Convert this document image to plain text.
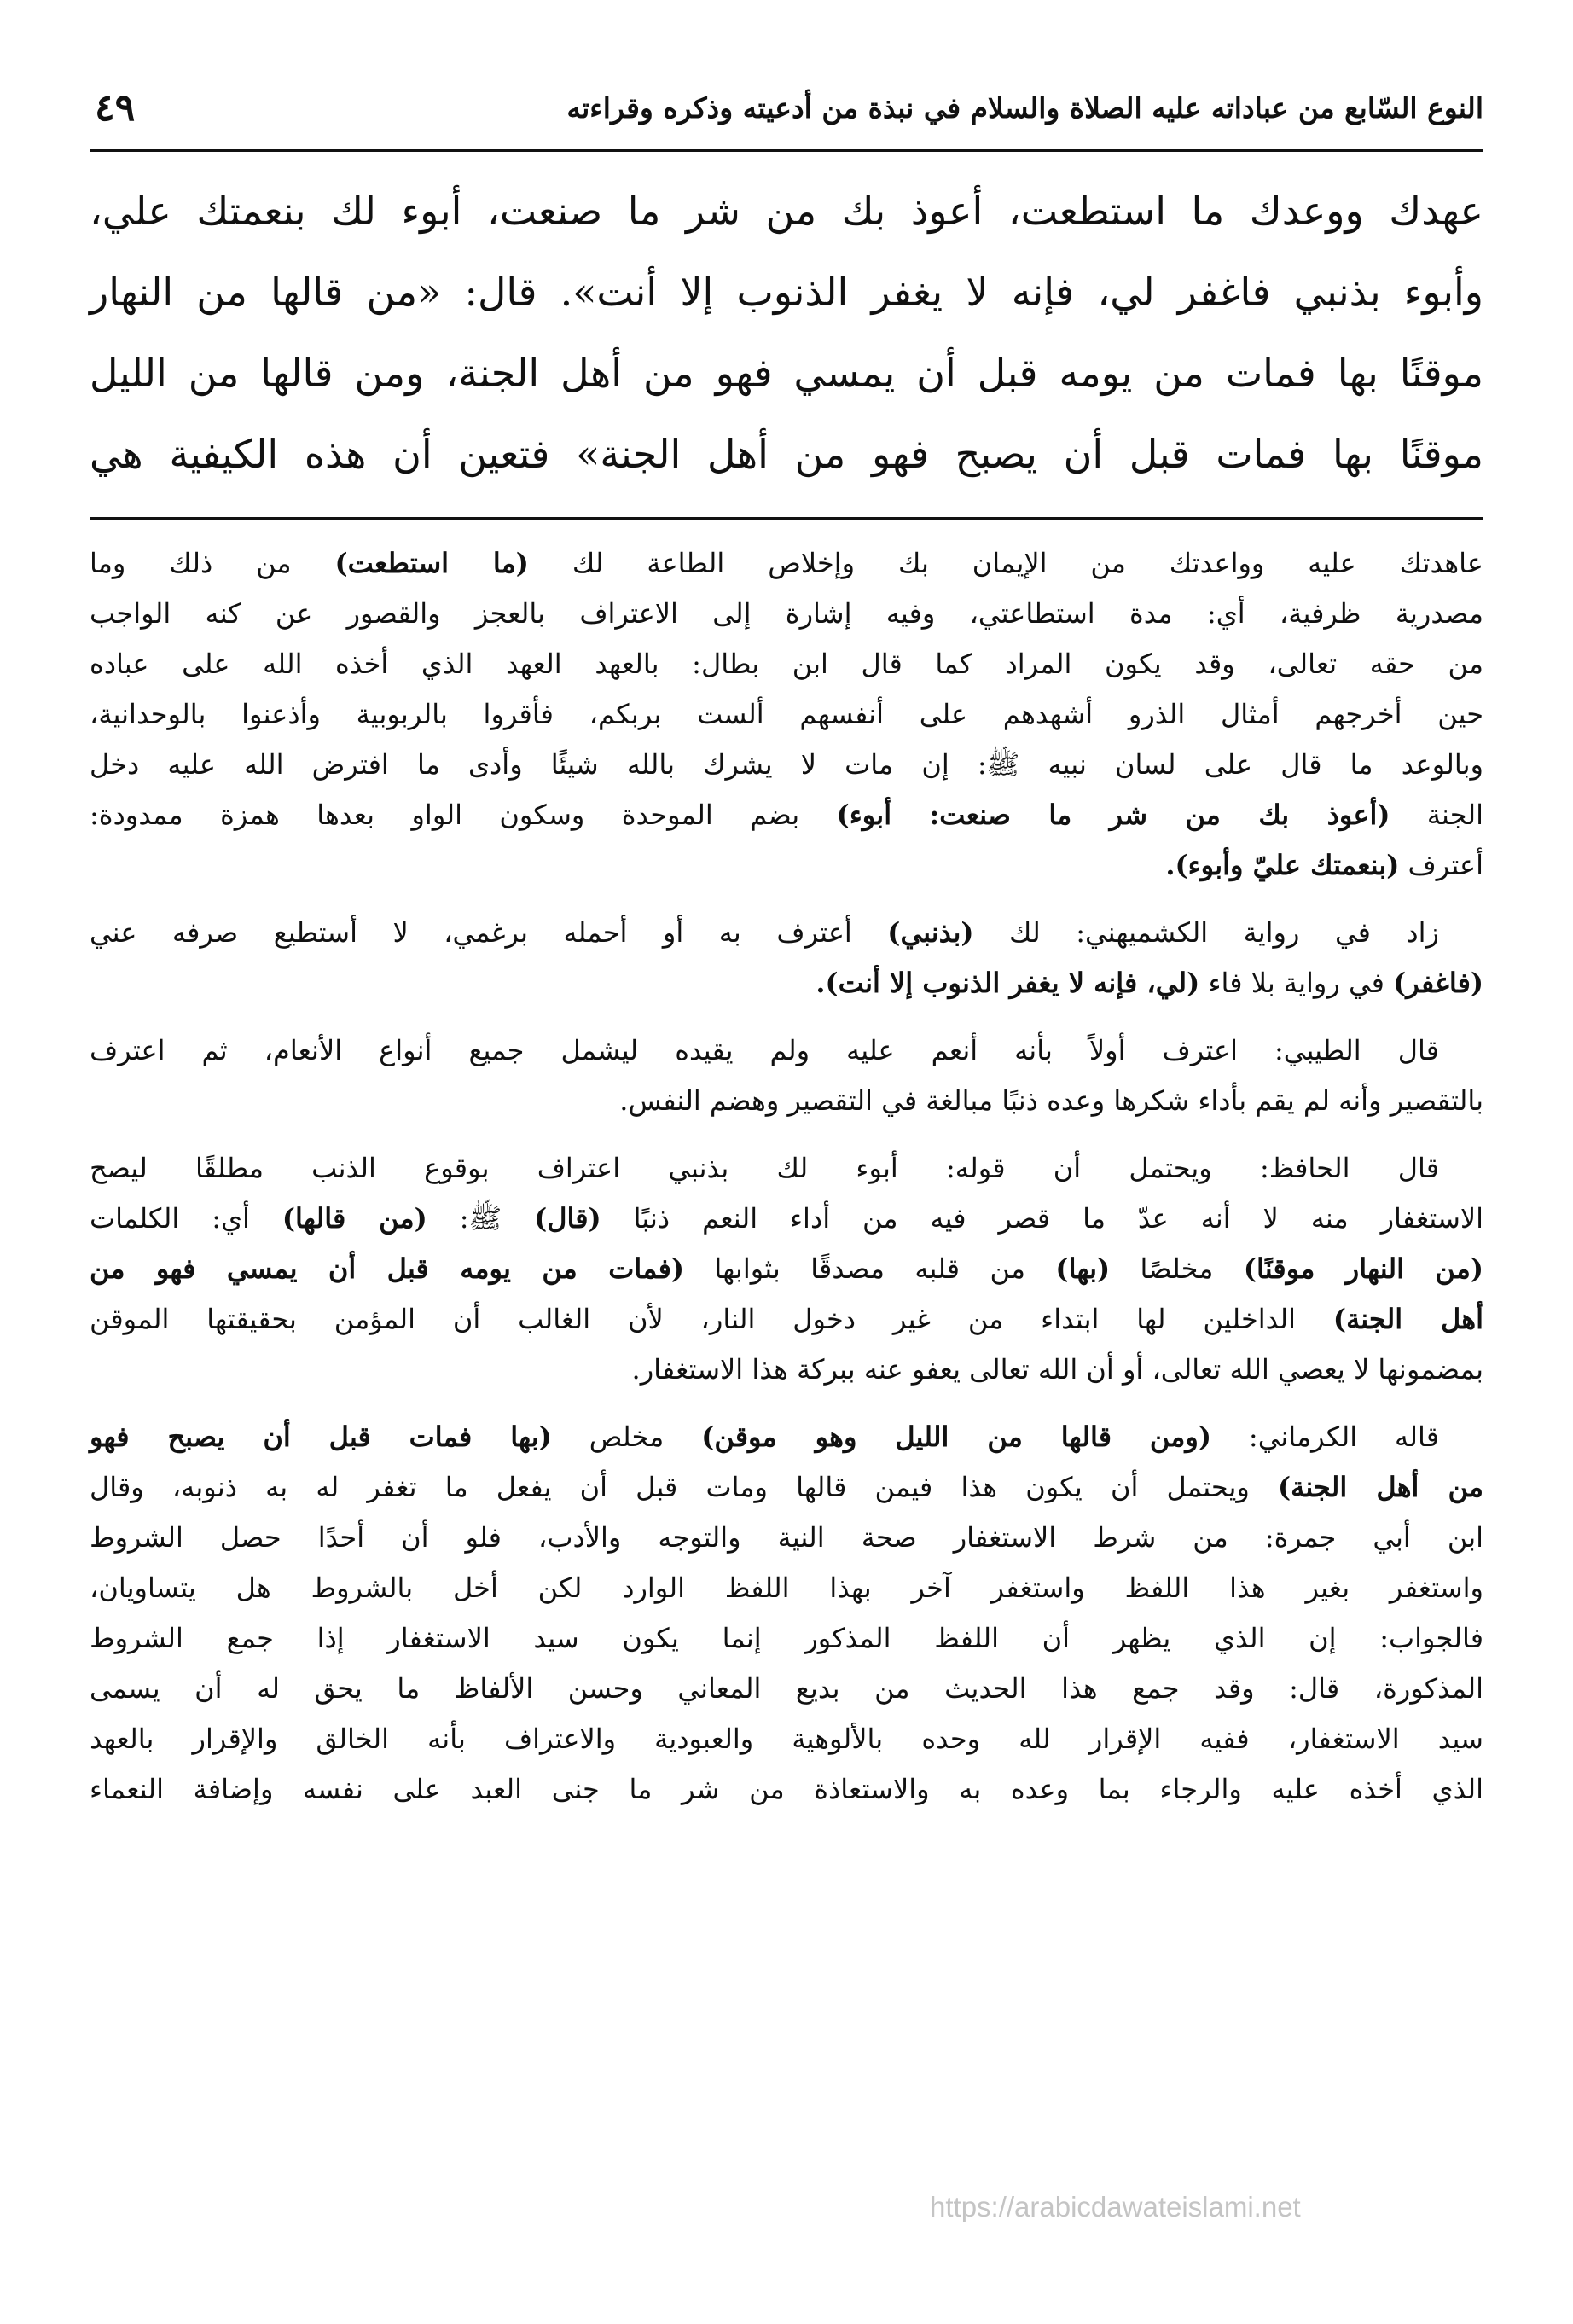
النوع السّابع من عباداته عليه الصلاة والسلام في نبذة من أدعيته وذكره وقراءته
٤٩
عهدك ووعدك ما استطعت، أعوذ بك من شر ما صنعت، أبوء لك بنعمتك علي،
وأبوء بذنبي فاغفر لي، فإنه لا يغفر الذنوب إلا أنت». قال: «من قالها من النهار
موقنًا بها فمات من يومه قبل أن يمسي فهو من أهل الجنة، ومن قالها من الليل
موقنًا بها فمات قبل أن يصبح فهو من أهل الجنة» فتعين أن هذه الكيفية هي

عاهدتك عليه وواعدتك من الإيمان بك وإخلاص الطاعة لك (ما استطعت) من ذلك وما
مصدرية ظرفية، أي: مدة استطاعتي، وفيه إشارة إلى الاعتراف بالعجز والقصور عن كنه الواجب
من حقه تعالى، وقد يكون المراد كما قال ابن بطال: بالعهد العهد الذي أخذه الله على عباده
حين أخرجهم أمثال الذرو أشهدهم على أنفسهم ألست بربكم، فأقروا بالربوبية وأذعنوا بالوحدانية،
وبالوعد ما قال على لسان نبيه ﷺ: إن مات لا يشرك بالله شيئًا وأدى ما افترض الله عليه دخل
الجنة (أعوذ بك من شر ما صنعت: أبوء) بضم الموحدة وسكون الواو بعدها همزة ممدودة:
أعترف (بنعمتك عليّ وأبوء).

زاد في رواية الكشميهني: لك (بذنبي) أعترف به أو أحمله برغمي، لا أستطيع صرفه عني
(فاغفر) في رواية بلا فاء (لي، فإنه لا يغفر الذنوب إلا أنت).

قال الطيبي: اعترف أولاً بأنه أنعم عليه ولم يقيده ليشمل جميع أنواع الأنعام، ثم اعترف
بالتقصير وأنه لم يقم بأداء شكرها وعده ذنبًا مبالغة في التقصير وهضم النفس.

قال الحافظ: ويحتمل أن قوله: أبوء لك بذنبي اعتراف بوقوع الذنب مطلقًا ليصح
الاستغفار منه لا أنه عدّ ما قصر فيه من أداء النعم ذنبًا (قال) ﷺ: (من قالها) أي: الكلمات
(من النهار موقنًا) مخلصًا (بها) من قلبه مصدقًا بثوابها (فمات من يومه قبل أن يمسي فهو من
أهل الجنة) الداخلين لها ابتداء من غير دخول النار، لأن الغالب أن المؤمن بحقيقتها الموقن
بمضمونها لا يعصي الله تعالى، أو أن الله تعالى يعفو عنه ببركة هذا الاستغفار.

قاله الكرماني: (ومن قالها من الليل وهو موقن) مخلص (بها فمات قبل أن يصبح فهو
من أهل الجنة) ويحتمل أن يكون هذا فيمن قالها ومات قبل أن يفعل ما تغفر له به ذنوبه، وقال
ابن أبي جمرة: من شرط الاستغفار صحة النية والتوجه والأدب، فلو أن أحدًا حصل الشروط
واستغفر بغير هذا اللفظ واستغفر آخر بهذا اللفظ الوارد لكن أخل بالشروط هل يتساويان،
فالجواب: إن الذي يظهر أن اللفظ المذكور إنما يكون سيد الاستغفار إذا جمع الشروط
المذكورة، قال: وقد جمع هذا الحديث من بديع المعاني وحسن الألفاظ ما يحق له أن يسمى
سيد الاستغفار، ففيه الإقرار لله وحده بالألوهية والعبودية والاعتراف بأنه الخالق والإقرار بالعهد
الذي أخذه عليه والرجاء بما وعده به والاستعاذة من شر ما جنى العبد على نفسه وإضافة النعماء

https://arabicdawateislami.net
